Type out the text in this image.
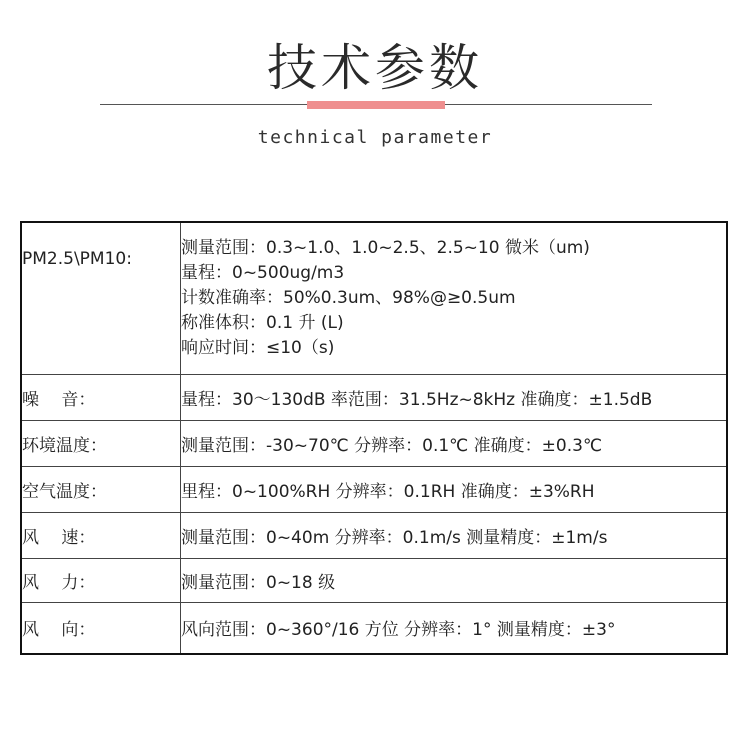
技术参数
technical parameter
PM2.5\PM10:	测量范围：0.3~1.0、1.0~2.5、2.5~10 微米（um)
量程：0~500ug/m3
计数准确率：50%0.3um、98%@≥0.5um
称准体积：0.1 升 (L)
响应时间：≤10（s)

噪　 音：	量程：30〜130dB 率范围：31.5Hz~8kHz 准确度：±1.5dB
环境温度：	测量范围：-30~70℃ 分辨率：0.1℃ 准确度：±0.3℃
空气温度：	里程：0~100%RH 分辨率：0.1RH 准确度：±3%RH
风　 速：	测量范围：0~40m 分辨率：0.1m/s 测量精度：±1m/s
风　 力：	测量范围：0~18 级
风　 向：	风向范围：0~360°/16 方位 分辨率：1° 测量精度：±3°
